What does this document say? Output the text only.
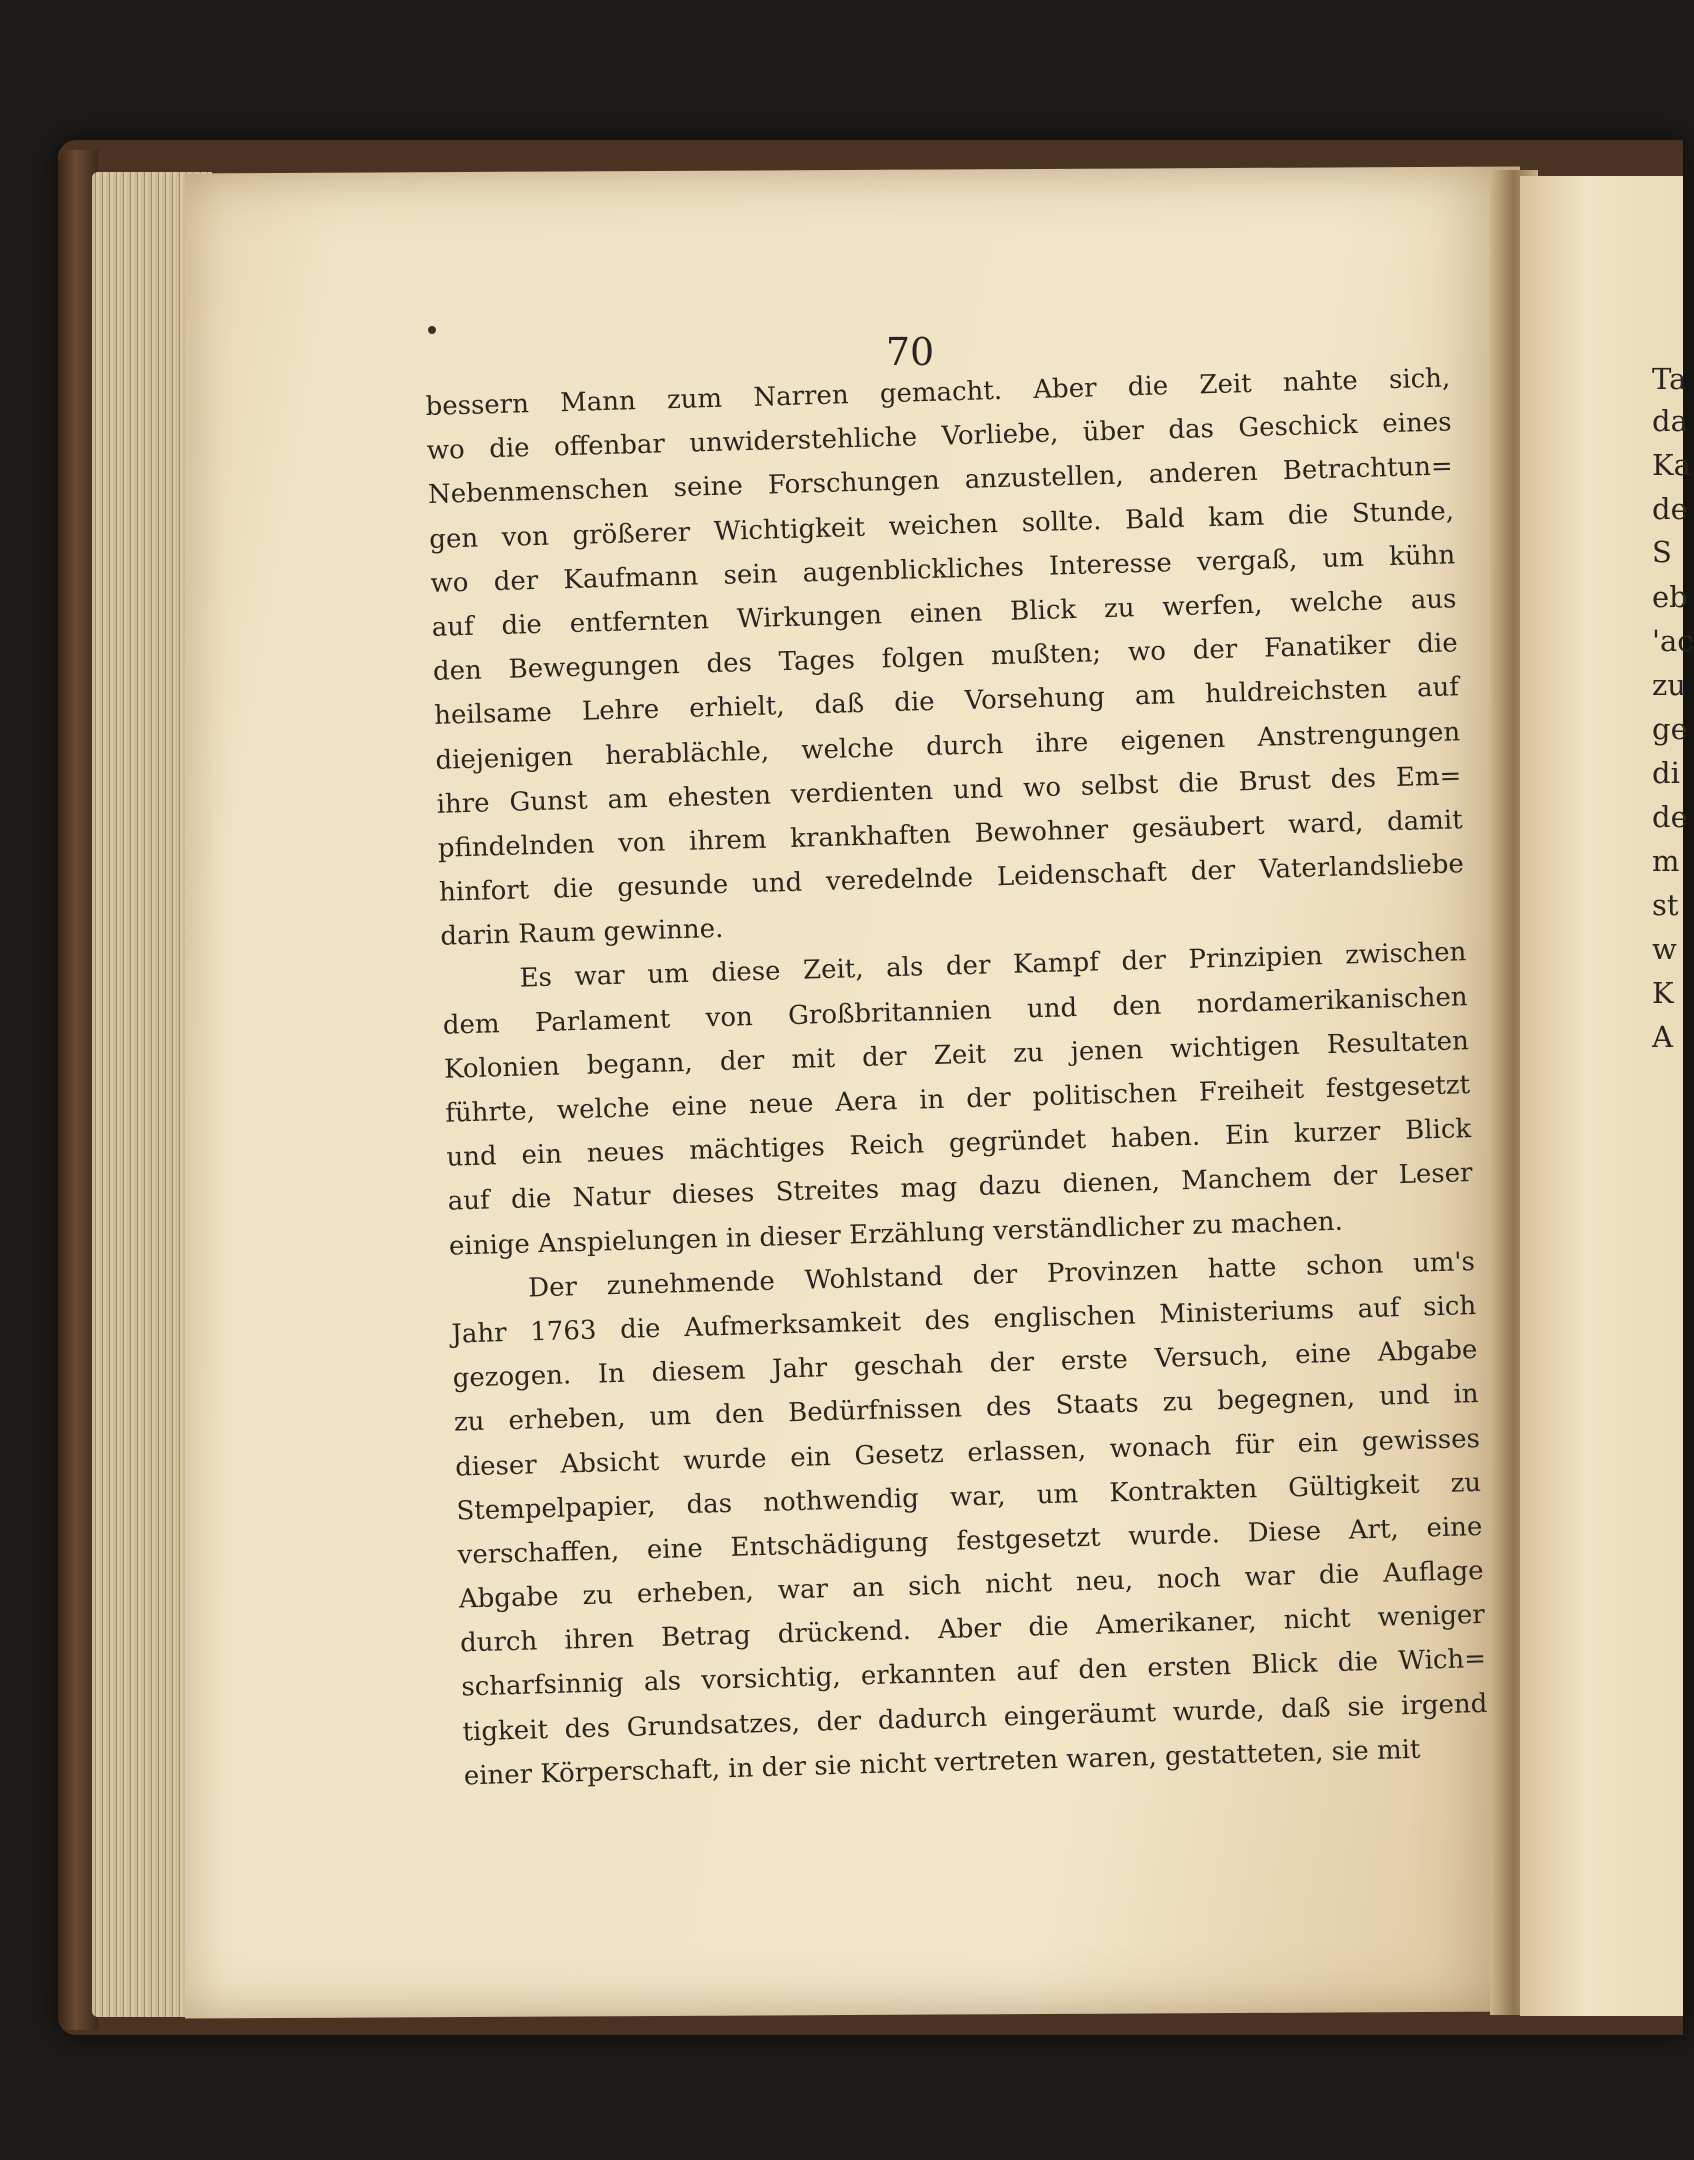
70
bessern Mann zum Narren gemacht. Aber die Zeit nahte sich,
wo die offenbar unwiderstehliche Vorliebe, über das Geschick eines
Nebenmenschen seine Forschungen anzustellen, anderen Betrachtun=
gen von größerer Wichtigkeit weichen sollte. Bald kam die Stunde,
wo der Kaufmann sein augenblickliches Interesse vergaß, um kühn
auf die entfernten Wirkungen einen Blick zu werfen, welche aus
den Bewegungen des Tages folgen mußten; wo der Fanatiker die
heilsame Lehre erhielt, daß die Vorsehung am huldreichsten auf
diejenigen herablächle, welche durch ihre eigenen Anstrengungen
ihre Gunst am ehesten verdienten und wo selbst die Brust des Em=
pfindelnden von ihrem krankhaften Bewohner gesäubert ward, damit
hinfort die gesunde und veredelnde Leidenschaft der Vaterlandsliebe
darin Raum gewinne.
Es war um diese Zeit, als der Kampf der Prinzipien zwischen
dem Parlament von Großbritannien und den nordamerikanischen
Kolonien begann, der mit der Zeit zu jenen wichtigen Resultaten
führte, welche eine neue Aera in der politischen Freiheit festgesetzt
und ein neues mächtiges Reich gegründet haben. Ein kurzer Blick
auf die Natur dieses Streites mag dazu dienen, Manchem der Leser
einige Anspielungen in dieser Erzählung verständlicher zu machen.
Der zunehmende Wohlstand der Provinzen hatte schon um's
Jahr 1763 die Aufmerksamkeit des englischen Ministeriums auf sich
gezogen. In diesem Jahr geschah der erste Versuch, eine Abgabe
zu erheben, um den Bedürfnissen des Staats zu begegnen, und in
dieser Absicht wurde ein Gesetz erlassen, wonach für ein gewisses
Stempelpapier, das nothwendig war, um Kontrakten Gültigkeit zu
verschaffen, eine Entschädigung festgesetzt wurde. Diese Art, eine
Abgabe zu erheben, war an sich nicht neu, noch war die Auflage
durch ihren Betrag drückend. Aber die Amerikaner, nicht weniger
scharfsinnig als vorsichtig, erkannten auf den ersten Blick die Wich=
tigkeit des Grundsatzes, der dadurch eingeräumt wurde, daß sie irgend
einer Körperschaft, in der sie nicht vertreten waren, gestatteten, sie mit
Ta
da
Ka
de
S
eb
'ac
zu
ge
di
de
m
st
w
K
A
